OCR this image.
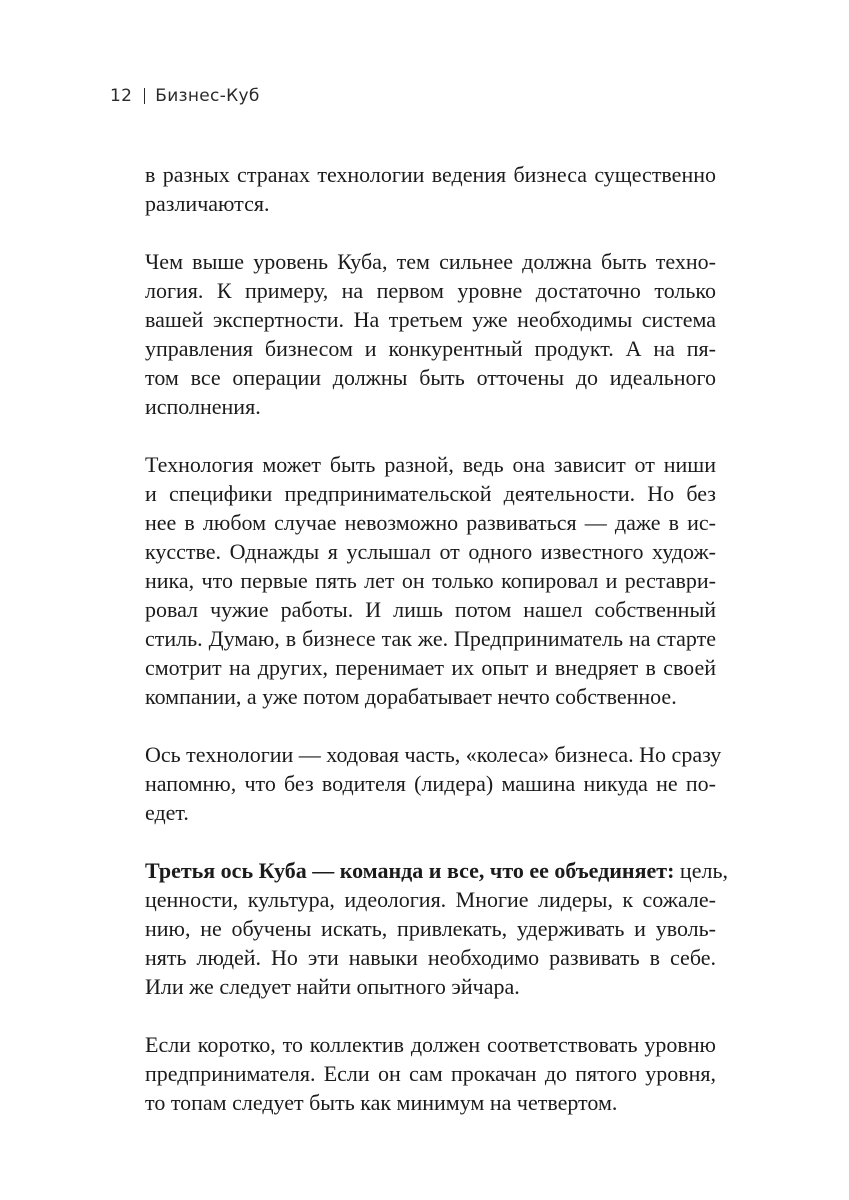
12 Бизнес-Куб

в разных странах технологии ведения бизнеса существенно
различаются.

Чем выше уровень Куба, тем сильнее должна быть техно-
логия. К примеру, на первом уровне достаточно только
вашей экспертности. На третьем уже необходимы система
управления бизнесом и конкурентный продукт. А на пя-
том все операции должны быть отточены до идеального
исполнения.

Технология может быть разной, ведь она зависит от ниши
и специфики предпринимательской деятельности. Но без
нее в любом случае невозможно развиваться — даже в ис-
кусстве. Однажды я услышал от одного известного худож-
ника, что первые пять лет он только копировал и реставри-
ровал чужие работы. И лишь потом нашел собственный
стиль. Думаю, в бизнесе так же. Предприниматель на старте
смотрит на других, перенимает их опыт и внедряет в своей
компании, а уже потом дорабатывает нечто собственное.

Ось технологии — ходовая часть, «колеса» бизнеса. Но сразу
напомню, что без водителя (лидера) машина никуда не по-
едет.

Третья ось Куба — команда и все, что ее объединяет: цель,
ценности, культура, идеология. Многие лидеры, к сожале-
нию, не обучены искать, привлекать, удерживать и уволь-
нять людей. Но эти навыки необходимо развивать в себе.
Или же следует найти опытного эйчара.

Если коротко, то коллектив должен соответствовать уровню
предпринимателя. Если он сам прокачан до пятого уровня,
то топам следует быть как минимум на четвертом.
